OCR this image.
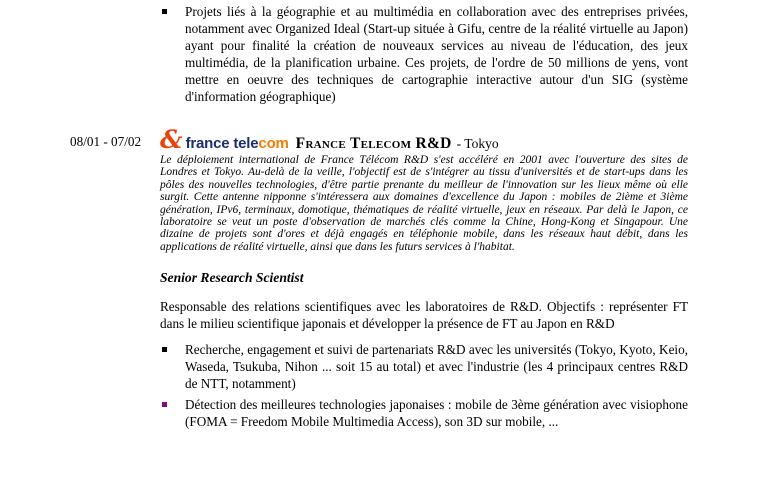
Projets liés à la géographie et au multimédia en collaboration avec des entreprises privées, notamment avec Organized Ideal (Start-up située à Gifu, centre de la réalité virtuelle au Japon) ayant pour finalité la création de nouveaux services au niveau de l'éducation, des jeux multimédia, de la planification urbaine. Ces projets, de l'ordre de 50 millions de yens, vont mettre en oeuvre des techniques de cartographie interactive autour d'un SIG (système d'information géographique)
08/01 - 07/02 & france telecom France Telecom R&D - Tokyo

Le déploiement international de France Télécom R&D s'est accéléré en 2001 avec l'ouverture des sites de Londres et Tokyo. Au-delà de la veille, l'objectif est de s'intégrer au tissu d'universités et de start-ups dans les pôles des nouvelles technologies, d'être partie prenante du meilleur de l'innovation sur les lieux même où elle surgit. Cette antenne nipponne s'intéressera aux domaines d'excellence du Japon : mobiles de 2ième et 3ième génération, IPv6, terminaux, domotique, thématiques de réalité virtuelle, jeux en réseaux. Par delà le Japon, ce laboratoire se veut un poste d'observation de marchés clés comme la Chine, Hong-Kong et Singapour. Une dizaine de projets sont d'ores et déjà engagés en téléphonie mobile, dans les réseaux haut débit, dans les applications de réalité virtuelle, ainsi que dans les futurs services à l'habitat.

Senior Research Scientist

Responsable des relations scientifiques avec les laboratoires de R&D. Objectifs : représenter FT dans le milieu scientifique japonais et développer la présence de FT au Japon en R&D

Recherche, engagement et suivi de partenariats R&D avec les universités (Tokyo, Kyoto, Keio, Waseda, Tsukuba, Nihon ... soit 15 au total) et avec l'industrie (les 4 principaux centres R&D de NTT, notamment)
Détection des meilleures technologies japonaises : mobile de 3ème génération avec visiophone (FOMA = Freedom Mobile Multimedia Access), son 3D sur mobile, ...
